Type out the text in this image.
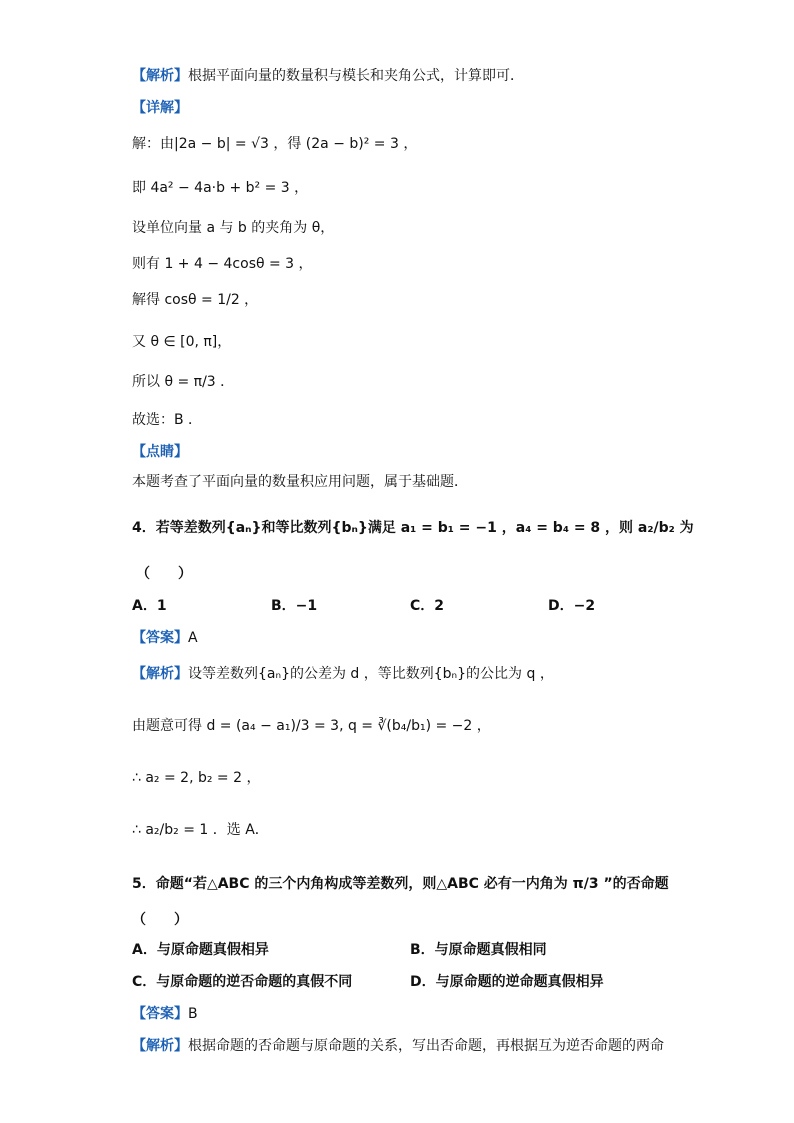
【解析】根据平面向量的数量积与模长和夹角公式，计算即可．
【详解】
解：由|2a − b| = √3 ，得 (2a − b)² = 3 ，
即 4a² − 4a·b + b² = 3 ，
设单位向量 a 与 b 的夹角为 θ，
则有 1 + 4 − 4cosθ = 3 ，
解得 cosθ = 1/2 ，
又 θ ∈ [0, π]，
所以 θ = π/3 ．
故选：B ．
【点睛】
本题考查了平面向量的数量积应用问题，属于基础题．
4．若等差数列{aₙ}和等比数列{bₙ}满足 a₁ = b₁ = −1 ，a₄ = b₄ = 8 ，则 a₂/b₂ 为
（　　）
A．1	B．−1	C．2	D．−2
【答案】A
【解析】设等差数列{aₙ}的公差为 d ，等比数列{bₙ}的公比为 q ，
由题意可得 d = (a₄ − a₁)/3 = 3, q = ∛(b₄/b₁) = −2 ，
∴ a₂ = 2, b₂ = 2 ，
∴ a₂/b₂ = 1 ．选 A．
5．命题“若△ABC 的三个内角构成等差数列，则△ABC 必有一内角为 π/3 ”的否命题
（　　）
A．与原命题真假相异	B．与原命题真假相同
C．与原命题的逆否命题的真假不同	D．与原命题的逆命题真假相异
【答案】B
【解析】根据命题的否命题与原命题的关系，写出否命题，再根据互为逆否命题的两命
